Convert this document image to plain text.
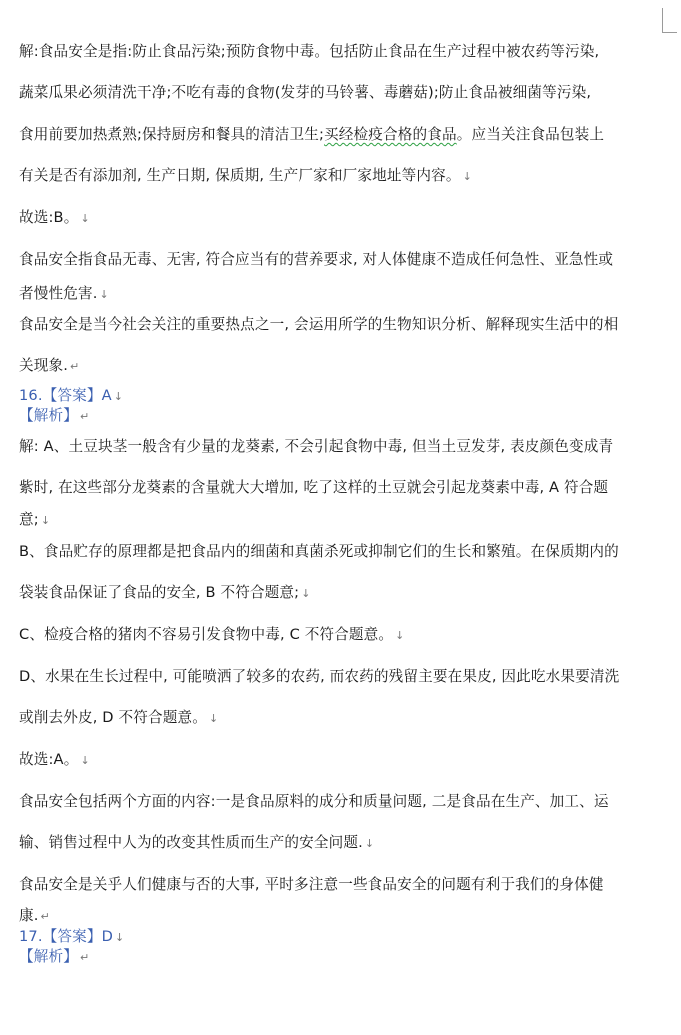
解:食品安全是指:防止食品污染;预防食物中毒。包括防止食品在生产过程中被农药等污染,
蔬菜瓜果必须清洗干净;不吃有毒的食物(发芽的马铃薯、毒蘑菇);防止食品被细菌等污染,
食用前要加热煮熟;保持厨房和餐具的清洁卫生;买经检疫合格的食品。应当关注食品包装上
有关是否有添加剂, 生产日期, 保质期, 生产厂家和厂家地址等内容。 ↓
故选:B。 ↓
食品安全指食品无毒、无害, 符合应当有的营养要求, 对人体健康不造成任何急性、亚急性或
者慢性危害. ↓
食品安全是当今社会关注的重要热点之一, 会运用所学的生物知识分析、解释现实生活中的相
关现象. ↵
16.【答案】A ↓
【解析】 ↵
解: A、土豆块茎一般含有少量的龙葵素, 不会引起食物中毒, 但当土豆发芽, 表皮颜色变成青
紫时, 在这些部分龙葵素的含量就大大增加, 吃了这样的土豆就会引起龙葵素中毒, A 符合题
意; ↓
B、食品贮存的原理都是把食品内的细菌和真菌杀死或抑制它们的生长和繁殖。在保质期内的
袋装食品保证了食品的安全, B 不符合题意; ↓
C、检疫合格的猪肉不容易引发食物中毒, C 不符合题意。 ↓
D、水果在生长过程中, 可能喷洒了较多的农药, 而农药的残留主要在果皮, 因此吃水果要清洗
或削去外皮, D 不符合题意。 ↓
故选:A。 ↓
食品安全包括两个方面的内容:一是食品原料的成分和质量问题, 二是食品在生产、加工、运
输、销售过程中人为的改变其性质而生产的安全问题. ↓
食品安全是关乎人们健康与否的大事, 平时多注意一些食品安全的问题有利于我们的身体健
康. ↵
17.【答案】D ↓
【解析】 ↵
